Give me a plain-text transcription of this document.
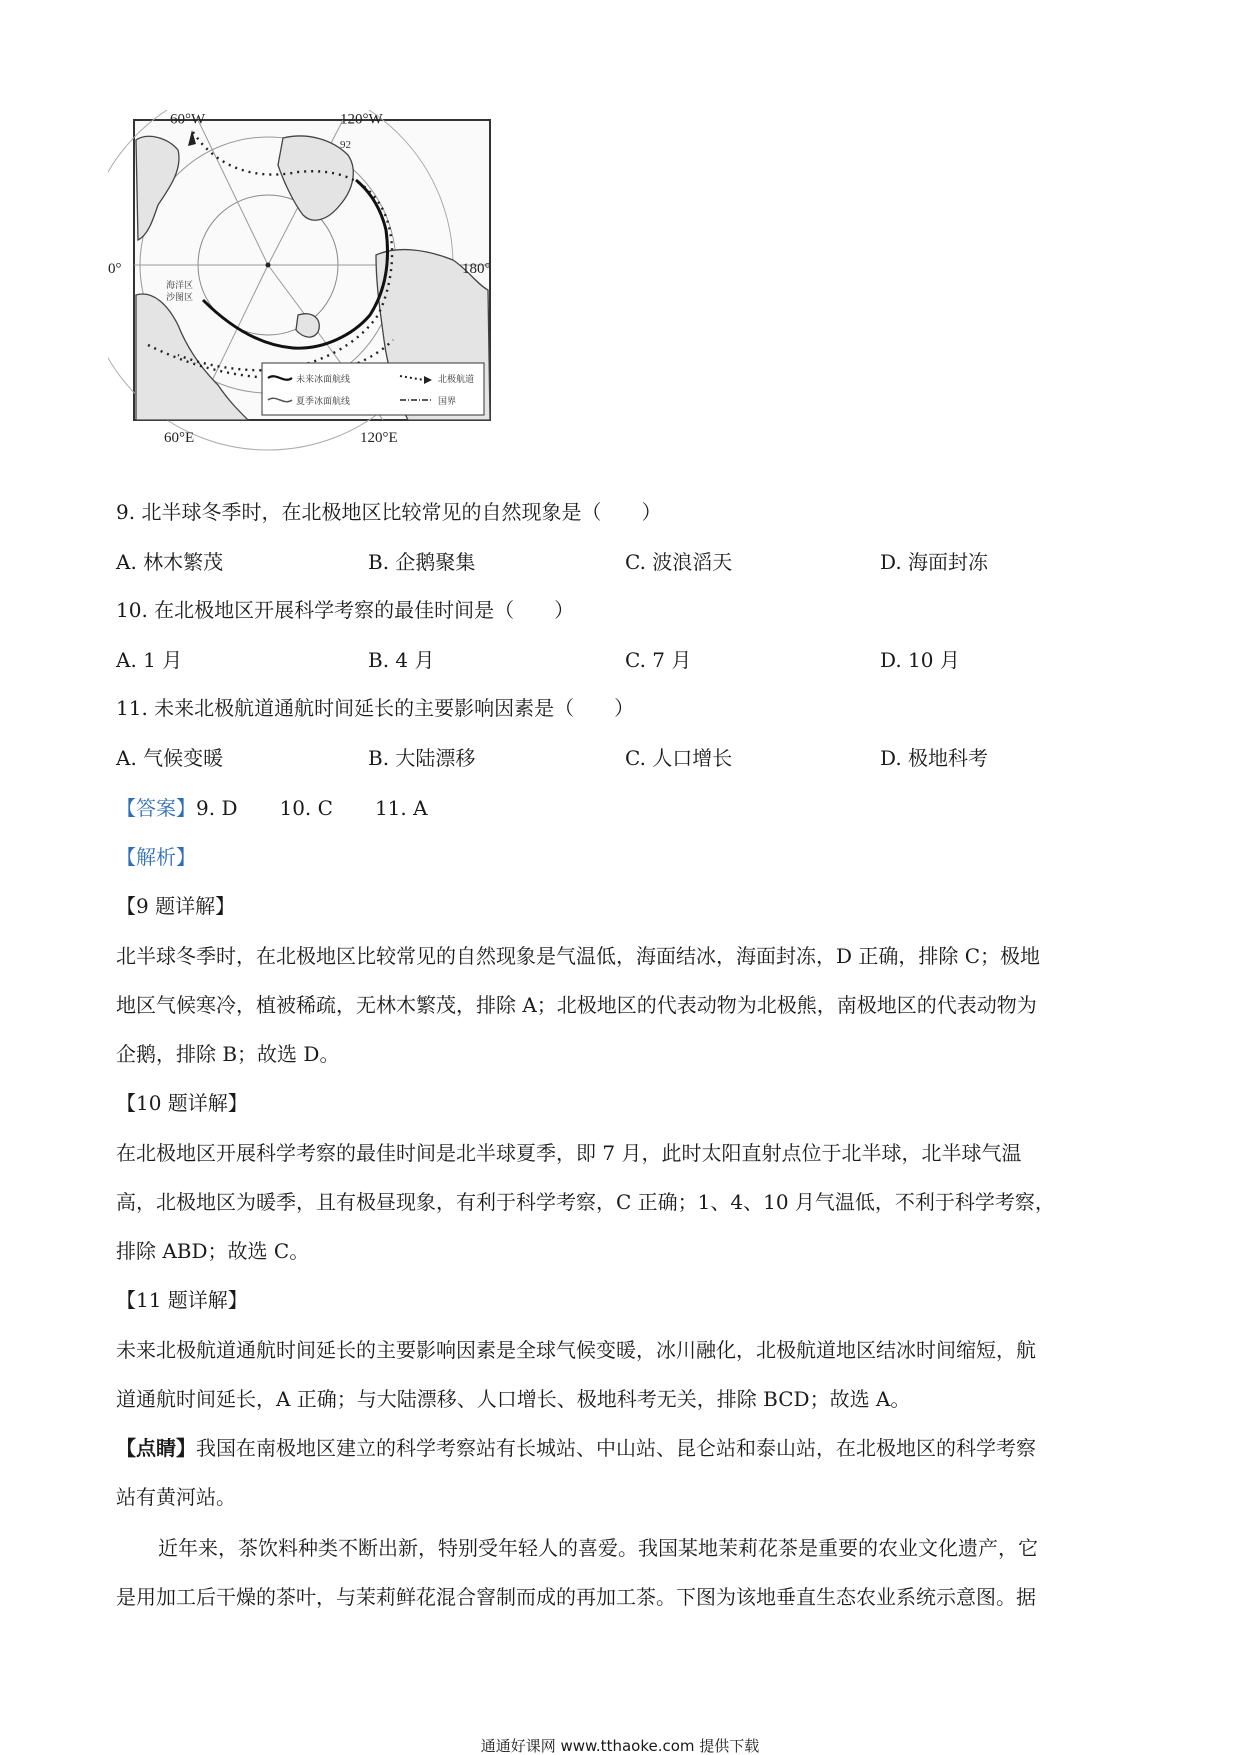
海洋区
沙图区
92
未来冰面航线
夏季冰面航线
北极航道
国界
60°W	120°W
0°	180°
60°E	120°E
9. 北半球冬季时，在北极地区比较常见的自然现象是（　　）
A. 林木繁茂	B. 企鹅聚集	C. 波浪滔天	D. 海面封冻
10. 在北极地区开展科学考察的最佳时间是（　　）
A. 1 月	B. 4 月	C. 7 月	D. 10 月
11. 未来北极航道通航时间延长的主要影响因素是（　　）
A. 气候变暖	B. 大陆漂移	C. 人口增长	D. 极地科考
【答案】9. D 10. C 11. A
【解析】
【9 题详解】
北半球冬季时，在北极地区比较常见的自然现象是气温低，海面结冰，海面封冻，D 正确，排除 C；极地
地区气候寒冷，植被稀疏，无林木繁茂，排除 A；北极地区的代表动物为北极熊，南极地区的代表动物为
企鹅，排除 B；故选 D。
【10 题详解】
在北极地区开展科学考察的最佳时间是北半球夏季，即 7 月，此时太阳直射点位于北半球，北半球气温
高，北极地区为暖季，且有极昼现象，有利于科学考察，C 正确；1、4、10 月气温低，不利于科学考察，
排除 ABD；故选 C。
【11 题详解】
未来北极航道通航时间延长的主要影响因素是全球气候变暖，冰川融化，北极航道地区结冰时间缩短，航
道通航时间延长，A 正确；与大陆漂移、人口增长、极地科考无关，排除 BCD；故选 A。
【点睛】我国在南极地区建立的科学考察站有长城站、中山站、昆仑站和泰山站，在北极地区的科学考察
站有黄河站。
近年来，茶饮料种类不断出新，特别受年轻人的喜爱。我国某地茉莉花茶是重要的农业文化遗产，它
是用加工后干燥的茶叶，与茉莉鲜花混合窨制而成的再加工茶。下图为该地垂直生态农业系统示意图。据
通通好课网 www.tthaoke.com 提供下载
